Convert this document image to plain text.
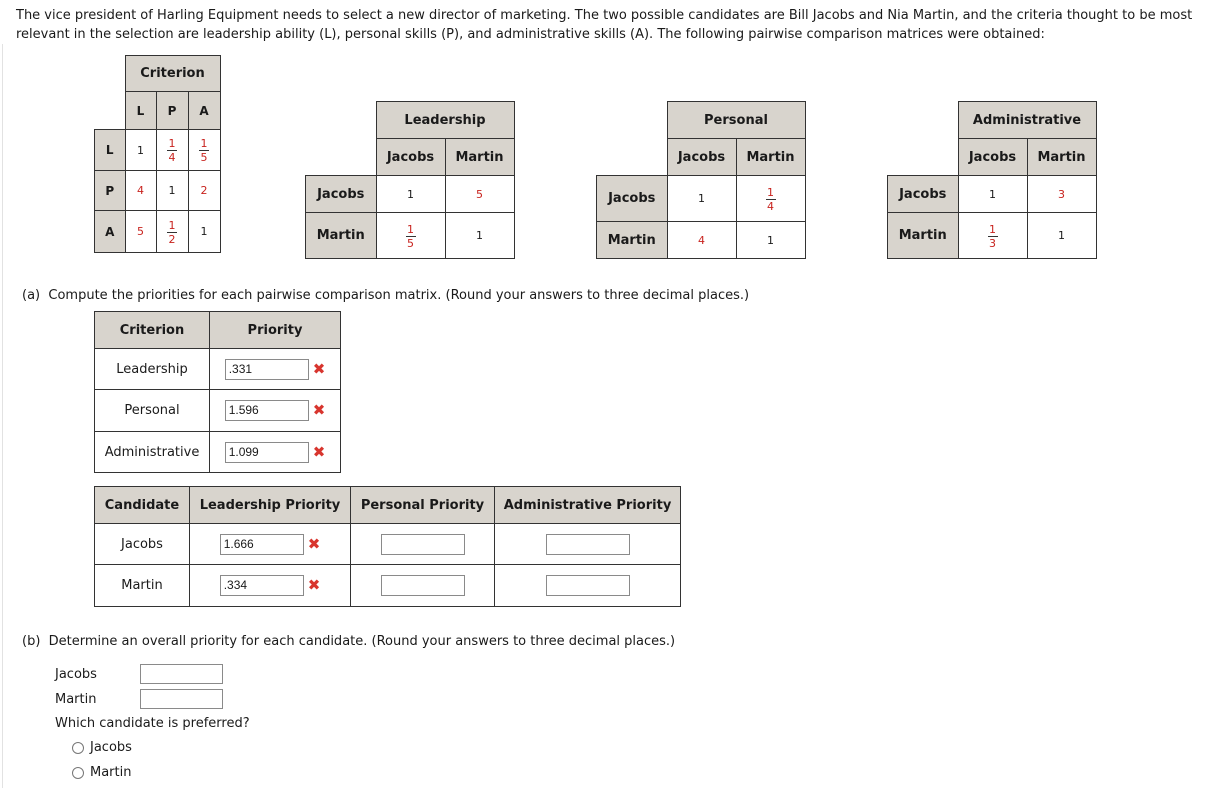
The vice president of Harling Equipment needs to select a new director of marketing. The two possible candidates are Bill Jacobs and Nia Martin, and the criteria thought to be most relevant in the selection are leadership ability (L), personal skills (P), and administrative skills (A). The following pairwise comparison matrices were obtained:
	Criterion		
	L	P	A
L	1	$\frac{1}{4}$	$\frac{1}{5}$

P	4	1	2
A	5	$\frac{1}{2}$	1
	Leadership	
	Jacobs	Martin
Jacobs	1	5
Martin	$\frac{1}{5}$	1
	Personal	
	Jacobs	Martin
Jacobs	1	$\frac{1}{4}$

Martin	4	1
	Administrative	
	Jacobs	Martin
Jacobs	1	3
Martin	$\frac{1}{3}$	1
(a) Compute the priorities for each pairwise comparison matrix. (Round your answers to three decimal places.)
Criterion	Priority
Leadership	.331 ✖
Personal	1.596 ✖
Administrative	1.099 ✖
Candidate	Leadership Priority	Personal Priority	Administrative Priority
Jacobs	1.666 ✖		
Martin	.334 ✖		
(b) Determine an overall priority for each candidate. (Round your answers to three decimal places.)
Jacobs
Martin
Which candidate is preferred?
Jacobs
Martin
